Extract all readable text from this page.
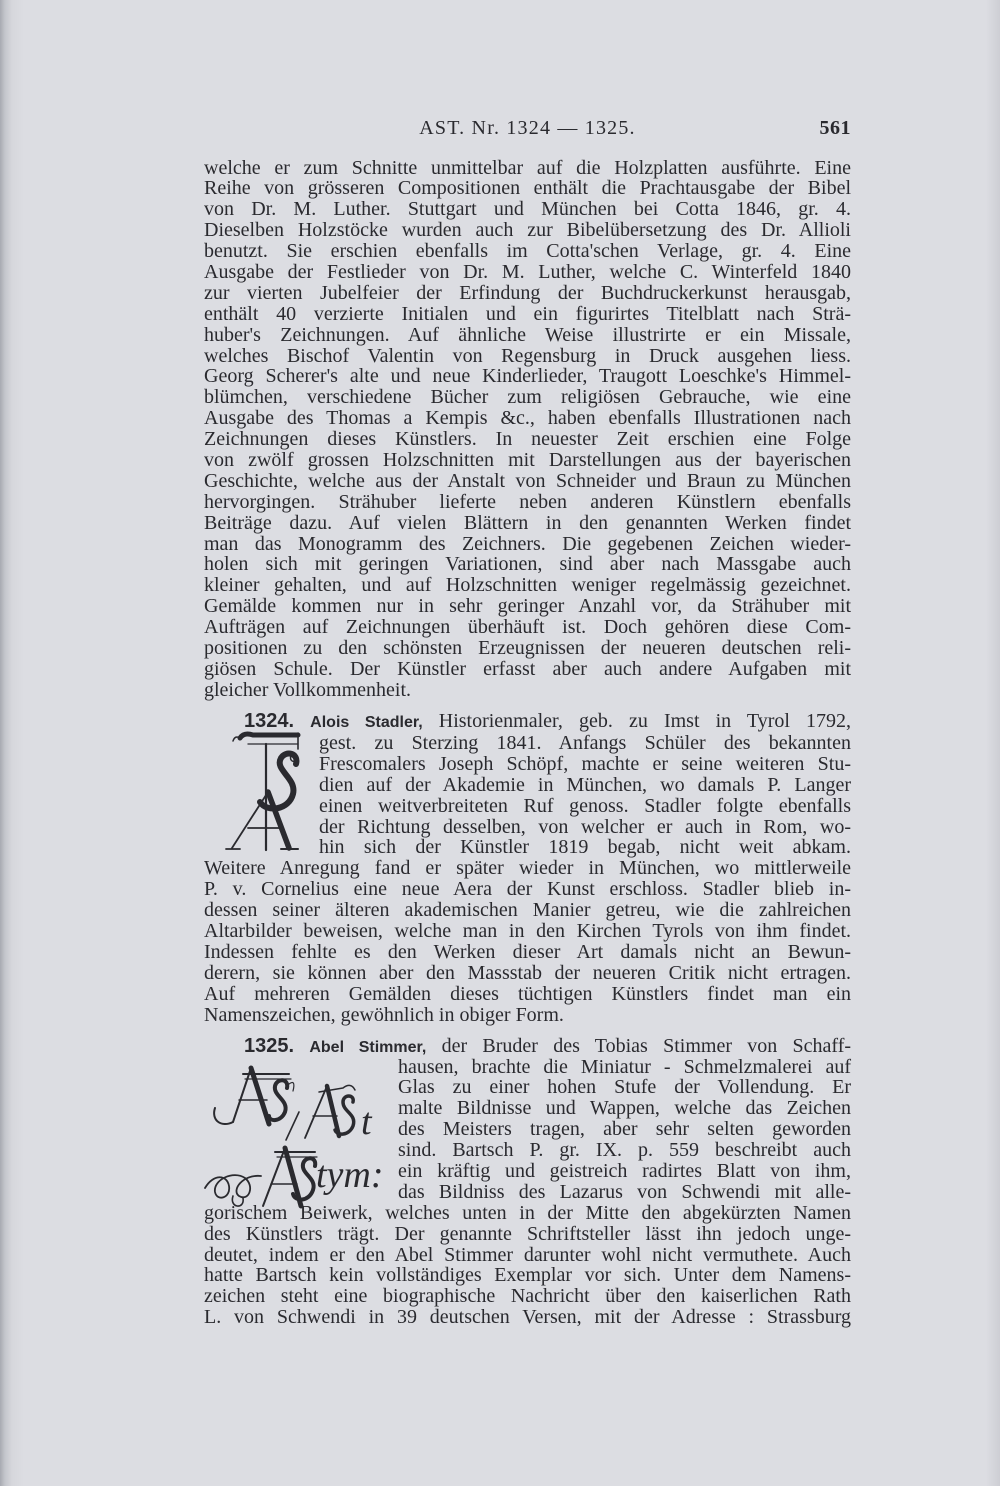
AST. Nr. 1324 — 1325.	561
welche er zum Schnitte unmittelbar auf die Holzplatten ausführte. Eine
Reihe von grösseren Compositionen enthält die Prachtausgabe der Bibel
von Dr. M. Luther. Stuttgart und München bei Cotta 1846, gr. 4.
Dieselben Holzstöcke wurden auch zur Bibelübersetzung des Dr. Allioli
benutzt. Sie erschien ebenfalls im Cotta'schen Verlage, gr. 4. Eine
Ausgabe der Festlieder von Dr. M. Luther, welche C. Winterfeld 1840
zur vierten Jubelfeier der Erfindung der Buchdruckerkunst herausgab,
enthält 40 verzierte Initialen und ein figurirtes Titelblatt nach Strä-
huber's Zeichnungen. Auf ähnliche Weise illustrirte er ein Missale,
welches Bischof Valentin von Regensburg in Druck ausgehen liess.
Georg Scherer's alte und neue Kinderlieder, Traugott Loeschke's Himmel-
blümchen, verschiedene Bücher zum religiösen Gebrauche, wie eine
Ausgabe des Thomas a Kempis &c., haben ebenfalls Illustrationen nach
Zeichnungen dieses Künstlers. In neuester Zeit erschien eine Folge
von zwölf grossen Holzschnitten mit Darstellungen aus der bayerischen
Geschichte, welche aus der Anstalt von Schneider und Braun zu München
hervorgingen. Strähuber lieferte neben anderen Künstlern ebenfalls
Beiträge dazu. Auf vielen Blättern in den genannten Werken findet
man das Monogramm des Zeichners. Die gegebenen Zeichen wieder-
holen sich mit geringen Variationen, sind aber nach Massgabe auch
kleiner gehalten, und auf Holzschnitten weniger regelmässig gezeichnet.
Gemälde kommen nur in sehr geringer Anzahl vor, da Strähuber mit
Aufträgen auf Zeichnungen überhäuft ist. Doch gehören diese Com-
positionen zu den schönsten Erzeugnissen der neueren deutschen reli-
giösen Schule. Der Künstler erfasst aber auch andere Aufgaben mit
gleicher Vollkommenheit.
1324. Alois Stadler, Historienmaler, geb. zu Imst in Tyrol 1792,
gest. zu Sterzing 1841. Anfangs Schüler des bekannten
Frescomalers Joseph Schöpf, machte er seine weiteren Stu-
dien auf der Akademie in München, wo damals P. Langer
einen weitverbreiteten Ruf genoss. Stadler folgte ebenfalls
der Richtung desselben, von welcher er auch in Rom, wo-
hin sich der Künstler 1819 begab, nicht weit abkam.
Weitere Anregung fand er später wieder in München, wo mittlerweile
P. v. Cornelius eine neue Aera der Kunst erschloss. Stadler blieb in-
dessen seiner älteren akademischen Manier getreu, wie die zahlreichen
Altarbilder beweisen, welche man in den Kirchen Tyrols von ihm findet.
Indessen fehlte es den Werken dieser Art damals nicht an Bewun-
derern, sie können aber den Massstab der neueren Critik nicht ertragen.
Auf mehreren Gemälden dieses tüchtigen Künstlers findet man ein
Namenszeichen, gewöhnlich in obiger Form.
1325. Abel Stimmer, der Bruder des Tobias Stimmer von Schaff-
hausen, brachte die Miniatur - Schmelzmalerei auf
Glas zu einer hohen Stufe der Vollendung. Er
malte Bildnisse und Wappen, welche das Zeichen
des Meisters tragen, aber sehr selten geworden
sind. Bartsch P. gr. IX. p. 559 beschreibt auch
ein kräftig und geistreich radirtes Blatt von ihm,
das Bildniss des Lazarus von Schwendi mit alle-
gorischem Beiwerk, welches unten in der Mitte den abgekürzten Namen
des Künstlers trägt. Der genannte Schriftsteller lässt ihn jedoch unge-
deutet, indem er den Abel Stimmer darunter wohl nicht vermuthete. Auch
hatte Bartsch kein vollständiges Exemplar vor sich. Unter dem Namens-
zeichen steht eine biographische Nachricht über den kaiserlichen Rath
L. von Schwendi in 39 deutschen Versen, mit der Adresse : Strassburg
t
tym:
